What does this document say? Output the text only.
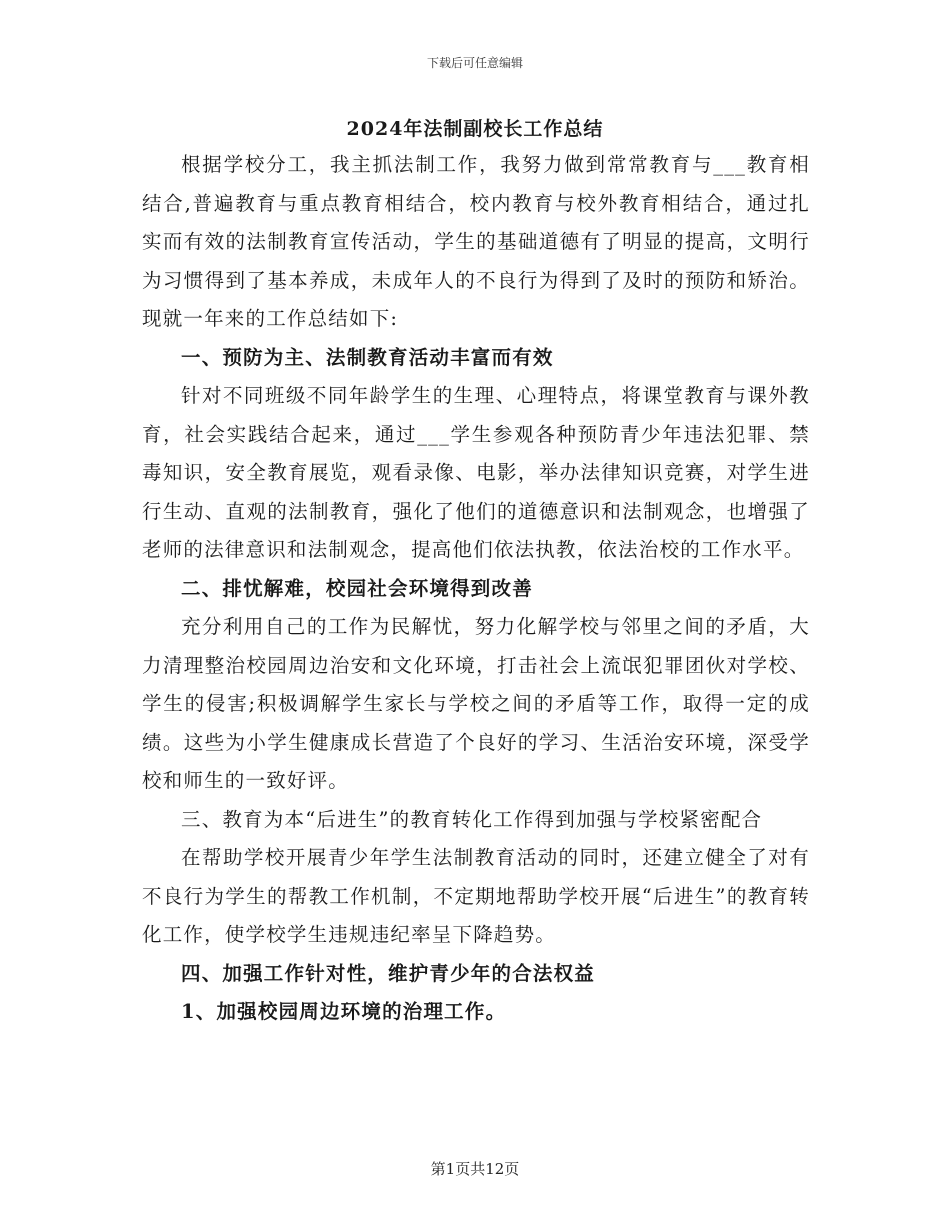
下载后可任意编辑
2024年法制副校长工作总结

根据学校分工，我主抓法制工作，我努力做到常常教育与___教育相结合,普遍教育与重点教育相结合，校内教育与校外教育相结合，通过扎实而有效的法制教育宣传活动，学生的基础道德有了明显的提高，文明行为习惯得到了基本养成，未成年人的不良行为得到了及时的预防和矫治。现就一年来的工作总结如下:

一、预防为主、法制教育活动丰富而有效

针对不同班级不同年龄学生的生理、心理特点，将课堂教育与课外教育，社会实践结合起来，通过___学生参观各种预防青少年违法犯罪、禁毒知识，安全教育展览，观看录像、电影，举办法律知识竞赛，对学生进行生动、直观的法制教育，强化了他们的道德意识和法制观念，也增强了老师的法律意识和法制观念，提高他们依法执教，依法治校的工作水平。

二、排忧解难，校园社会环境得到改善

充分利用自己的工作为民解忧，努力化解学校与邻里之间的矛盾，大力清理整治校园周边治安和文化环境，打击社会上流氓犯罪团伙对学校、学生的侵害;积极调解学生家长与学校之间的矛盾等工作，取得一定的成绩。这些为小学生健康成长营造了个良好的学习、生活治安环境，深受学校和师生的一致好评。

三、教育为本“后进生”的教育转化工作得到加强与学校紧密配合

在帮助学校开展青少年学生法制教育活动的同时，还建立健全了对有不良行为学生的帮教工作机制，不定期地帮助学校开展“后进生”的教育转化工作，使学校学生违规违纪率呈下降趋势。

四、加强工作针对性，维护青少年的合法权益

1、加强校园周边环境的治理工作。

第1页共12页
